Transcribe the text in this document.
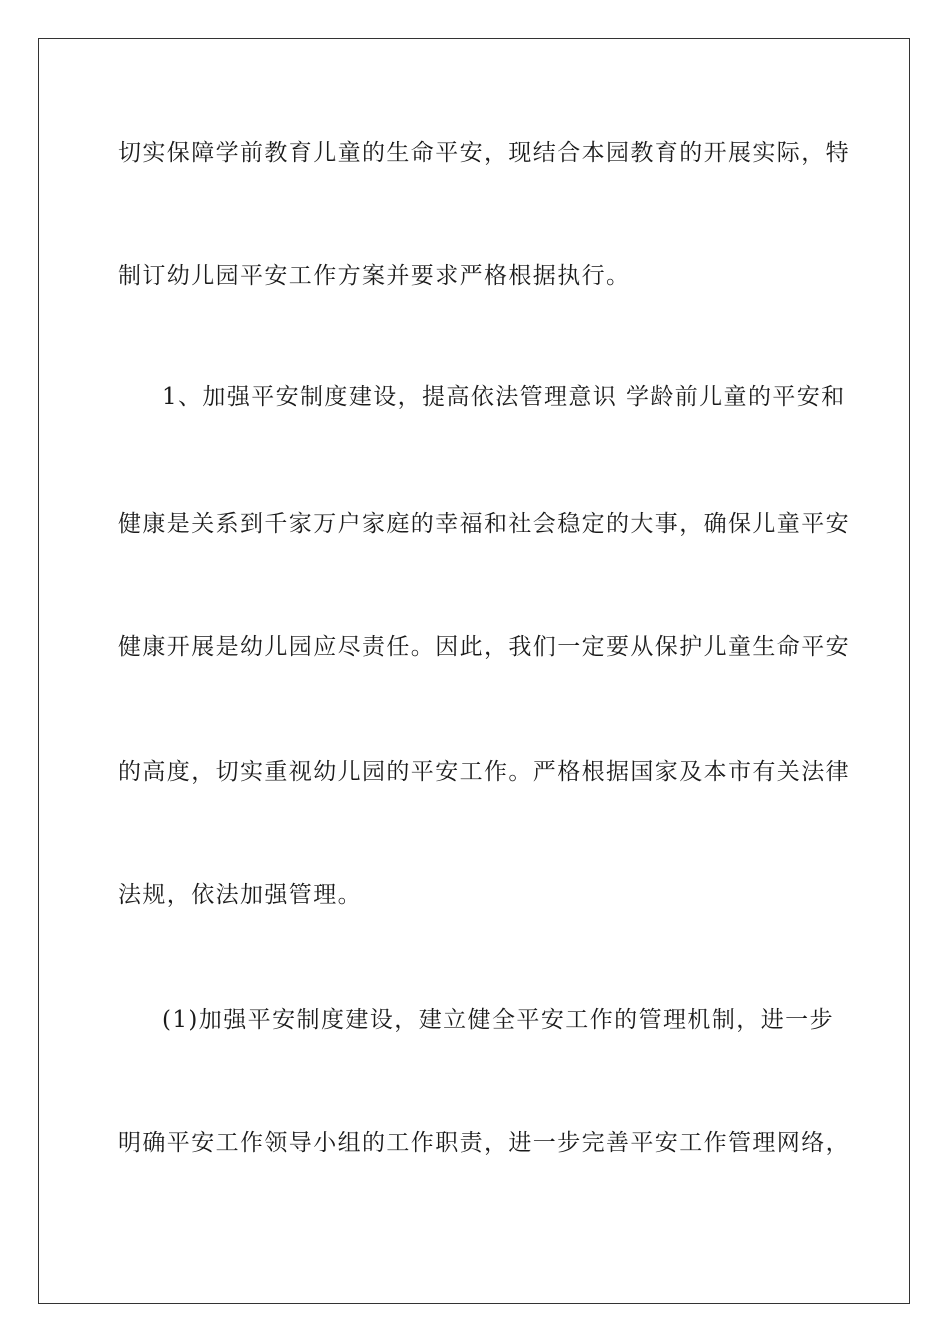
切实保障学前教育儿童的生命平安，现结合本园教育的开展实际，特
制订幼儿园平安工作方案并要求严格根据执行。
1、加强平安制度建设，提高依法管理意识 学龄前儿童的平安和
健康是关系到千家万户家庭的幸福和社会稳定的大事，确保儿童平安
健康开展是幼儿园应尽责任。因此，我们一定要从保护儿童生命平安
的高度，切实重视幼儿园的平安工作。严格根据国家及本市有关法律
法规，依法加强管理。
(1)加强平安制度建设，建立健全平安工作的管理机制，进一步
明确平安工作领导小组的工作职责，进一步完善平安工作管理网络，
